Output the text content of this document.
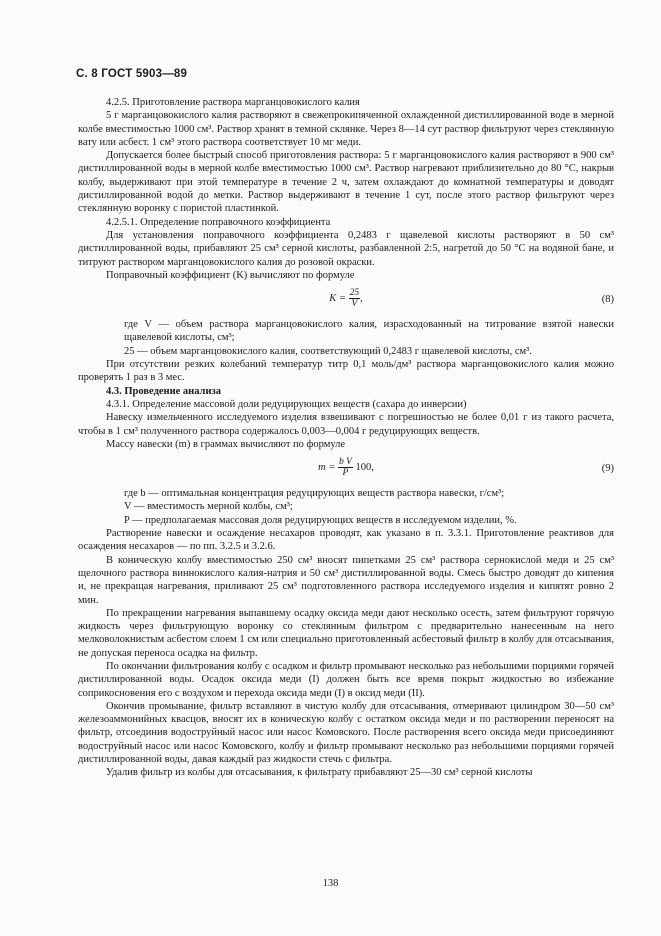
С. 8 ГОСТ 5903—89

4.2.5. Приготовление раствора марганцовокислого калия

5 г марганцовокислого калия растворяют в свежепрокипяченной охлажденной дистиллированной воде в мерной колбе вместимостью 1000 см³. Раствор хранят в темной склянке. Через 8—14 сут раствор фильтруют через стеклянную вату или асбест. 1 см³ этого раствора соответствует 10 мг меди.

Допускается более быстрый способ приготовления раствора: 5 г марганцовокислого калия растворяют в 900 см³ дистиллированной воды в мерной колбе вместимостью 1000 см³. Раствор нагревают приблизительно до 80 °С, накрыв колбу, выдерживают при этой температуре в течение 2 ч, затем охлаждают до комнатной температуры и доводят дистиллированной водой до метки. Раствор выдерживают в течение 1 сут, после этого раствор фильтруют через стеклянную воронку с пористой пластинкой.

4.2.5.1. Определение поправочного коэффициента

Для установления поправочного коэффициента 0,2483 г щавелевой кислоты растворяют в 50 см³ дистиллированной воды, прибавляют 25 см³ серной кислоты, разбавленной 2:5, нагретой до 50 °С на водяной бане, и титруют раствором марганцовокислого калия до розовой окраски.

Поправочный коэффициент (K) вычисляют по формуле

$K = \frac{25}{V}$ ,	(8)

где V — объем раствора марганцовокислого калия, израсходованный на титрование взятой навески щавелевой кислоты, см³;

25 — объем марганцовокислого калия, соответствующий 0,2483 г щавелевой кислоты, см³.

При отсутствии резких колебаний температур титр 0,1 моль/дм³ раствора марганцовокислого калия можно проверять 1 раз в 3 мес.

4.3. Проведение анализа

4.3.1. Определение массовой доли редуцирующих веществ (сахара до инверсии)

Навеску измельченного исследуемого изделия взвешивают с погрешностью не более 0,01 г из такого расчета, чтобы в 1 см³ полученного раствора содержалось 0,003—0,004 г редуцирующих веществ.

Массу навески (m) в граммах вычисляют по формуле

$m = \frac{\text{b V}}{P} 100$,	(9)

где b — оптимальная концентрация редуцирующих веществ раствора навески, г/см³;

V — вместимость мерной колбы, см³;

P — предполагаемая массовая доля редуцирующих веществ в исследуемом изделии, %.

Растворение навески и осаждение несахаров проводят, как указано в п. 3.3.1. Приготовление реактивов для осаждения несахаров — по пп. 3.2.5 и 3.2.6.

В коническую колбу вместимостью 250 см³ вносят пипетками 25 см³ раствора сернокислой меди и 25 см³ щелочного раствора виннокислого калия-натрия и 50 см³ дистиллированной воды. Смесь быстро доводят до кипения и, не прекращая нагревания, приливают 25 см³ подготовленного раствора исследуемого изделия и кипятят ровно 2 мин.

По прекращении нагревания выпавшему осадку оксида меди дают несколько осесть, затем фильтруют горячую жидкость через фильтрующую воронку со стеклянным фильтром с предварительно нанесенным на него мелковолокнистым асбестом слоем 1 см или специально приготовленный асбестовый фильтр в колбу для отсасывания, не допуская переноса осадка на фильтр.

По окончании фильтрования колбу с осадком и фильтр промывают несколько раз небольшими порциями горячей дистиллированной воды. Осадок оксида меди (I) должен быть все время покрыт жидкостью во избежание соприкосновения его с воздухом и перехода оксида меди (I) в оксид меди (II).

Окончив промывание, фильтр вставляют в чистую колбу для отсасывания, отмеривают цилиндром 30—50 см³ железоаммонийных квасцов, вносят их в коническую колбу с остатком оксида меди и по растворении переносят на фильтр, отсоединив водоструйный насос или насос Комовского. После растворения всего оксида меди присоединяют водоструйный насос или насос Комовского, колбу и фильтр промывают несколько раз небольшими порциями горячей дистиллированной воды, давая каждый раз жидкости стечь с фильтра.

Удалив фильтр из колбы для отсасывания, к фильтрату прибавляют 25—30 см³ серной кислоты

138
